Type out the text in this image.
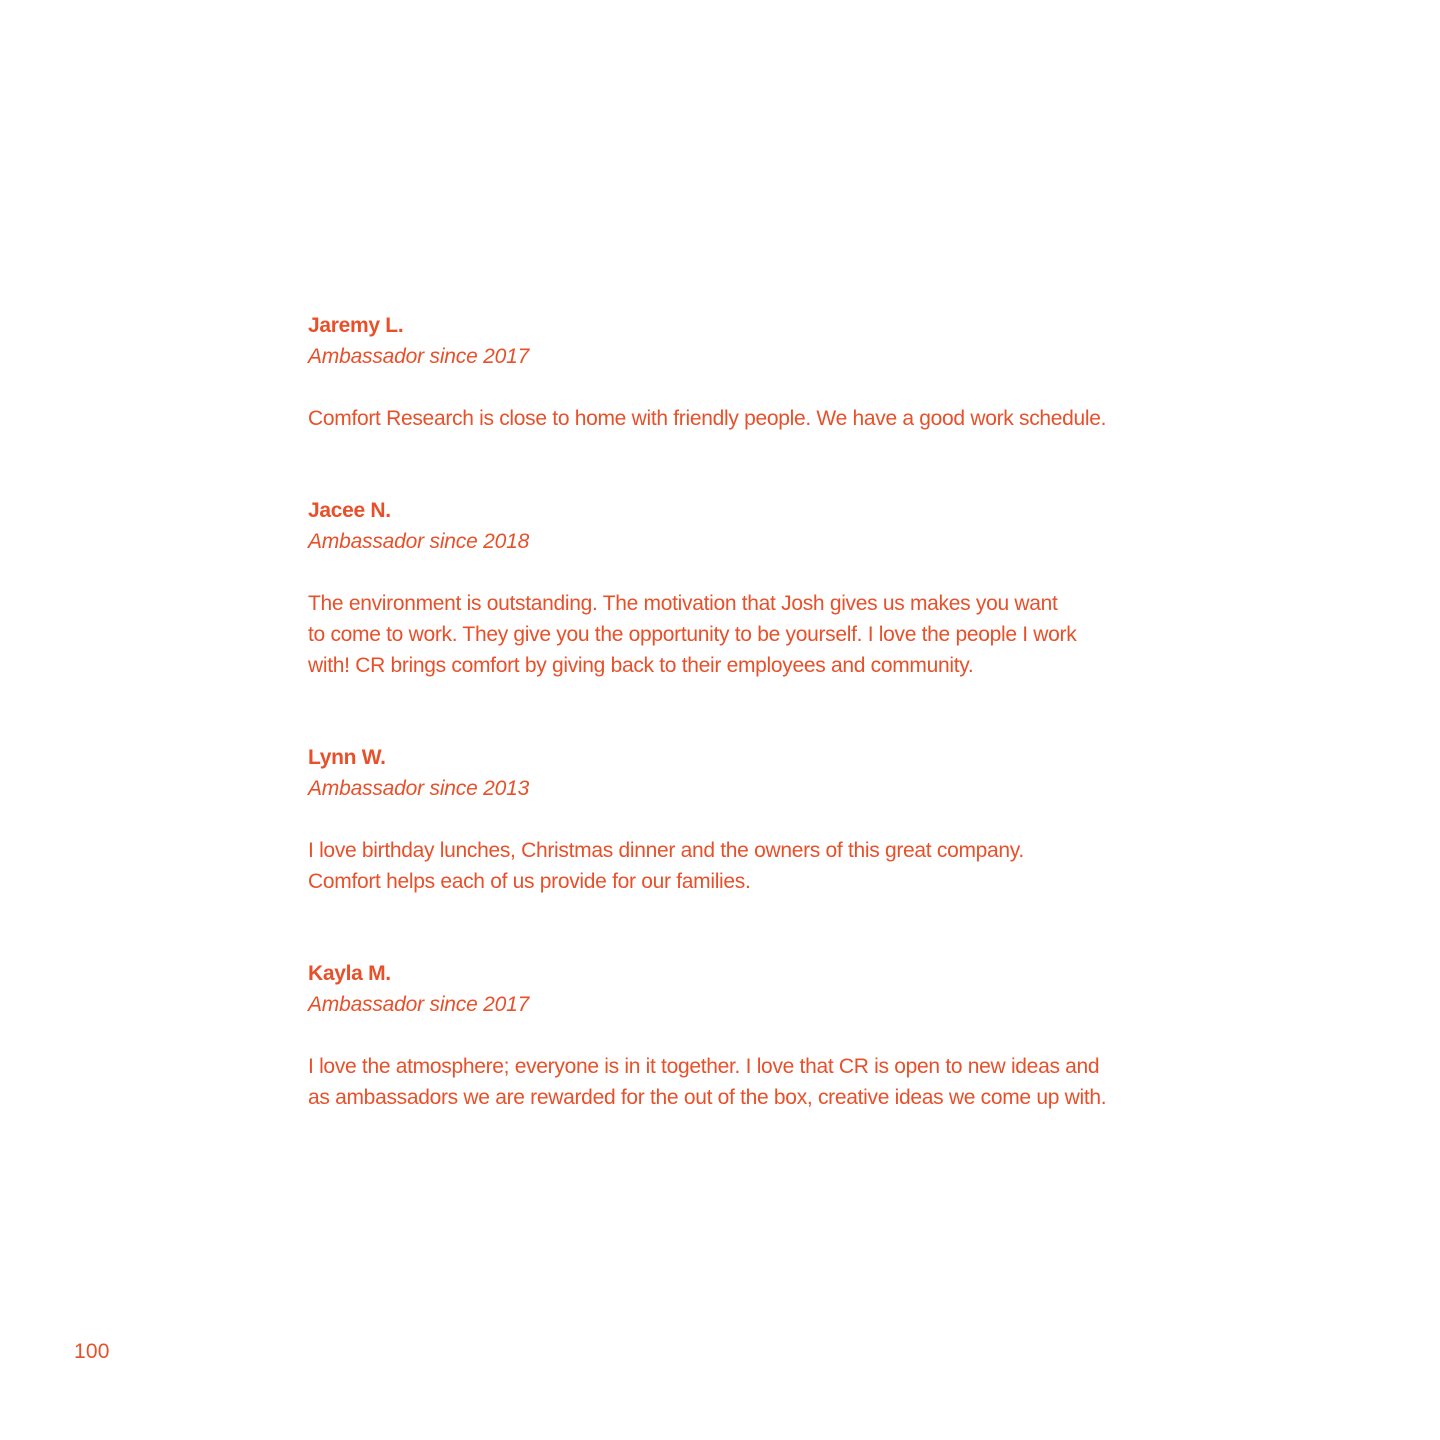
Jaremy L.

Ambassador since 2017

Comfort Research is close to home with friendly people. We have a good work schedule.

Jacee N.

Ambassador since 2018

The environment is outstanding. The motivation that Josh gives us makes you want
to come to work. They give you the opportunity to be yourself. I love the people I work
with! CR brings comfort by giving back to their employees and community.

Lynn W.

Ambassador since 2013

I love birthday lunches, Christmas dinner and the owners of this great company.
Comfort helps each of us provide for our families.

Kayla M.

Ambassador since 2017

I love the atmosphere; everyone is in it together. I love that CR is open to new ideas and
as ambassadors we are rewarded for the out of the box, creative ideas we come up with.

100
